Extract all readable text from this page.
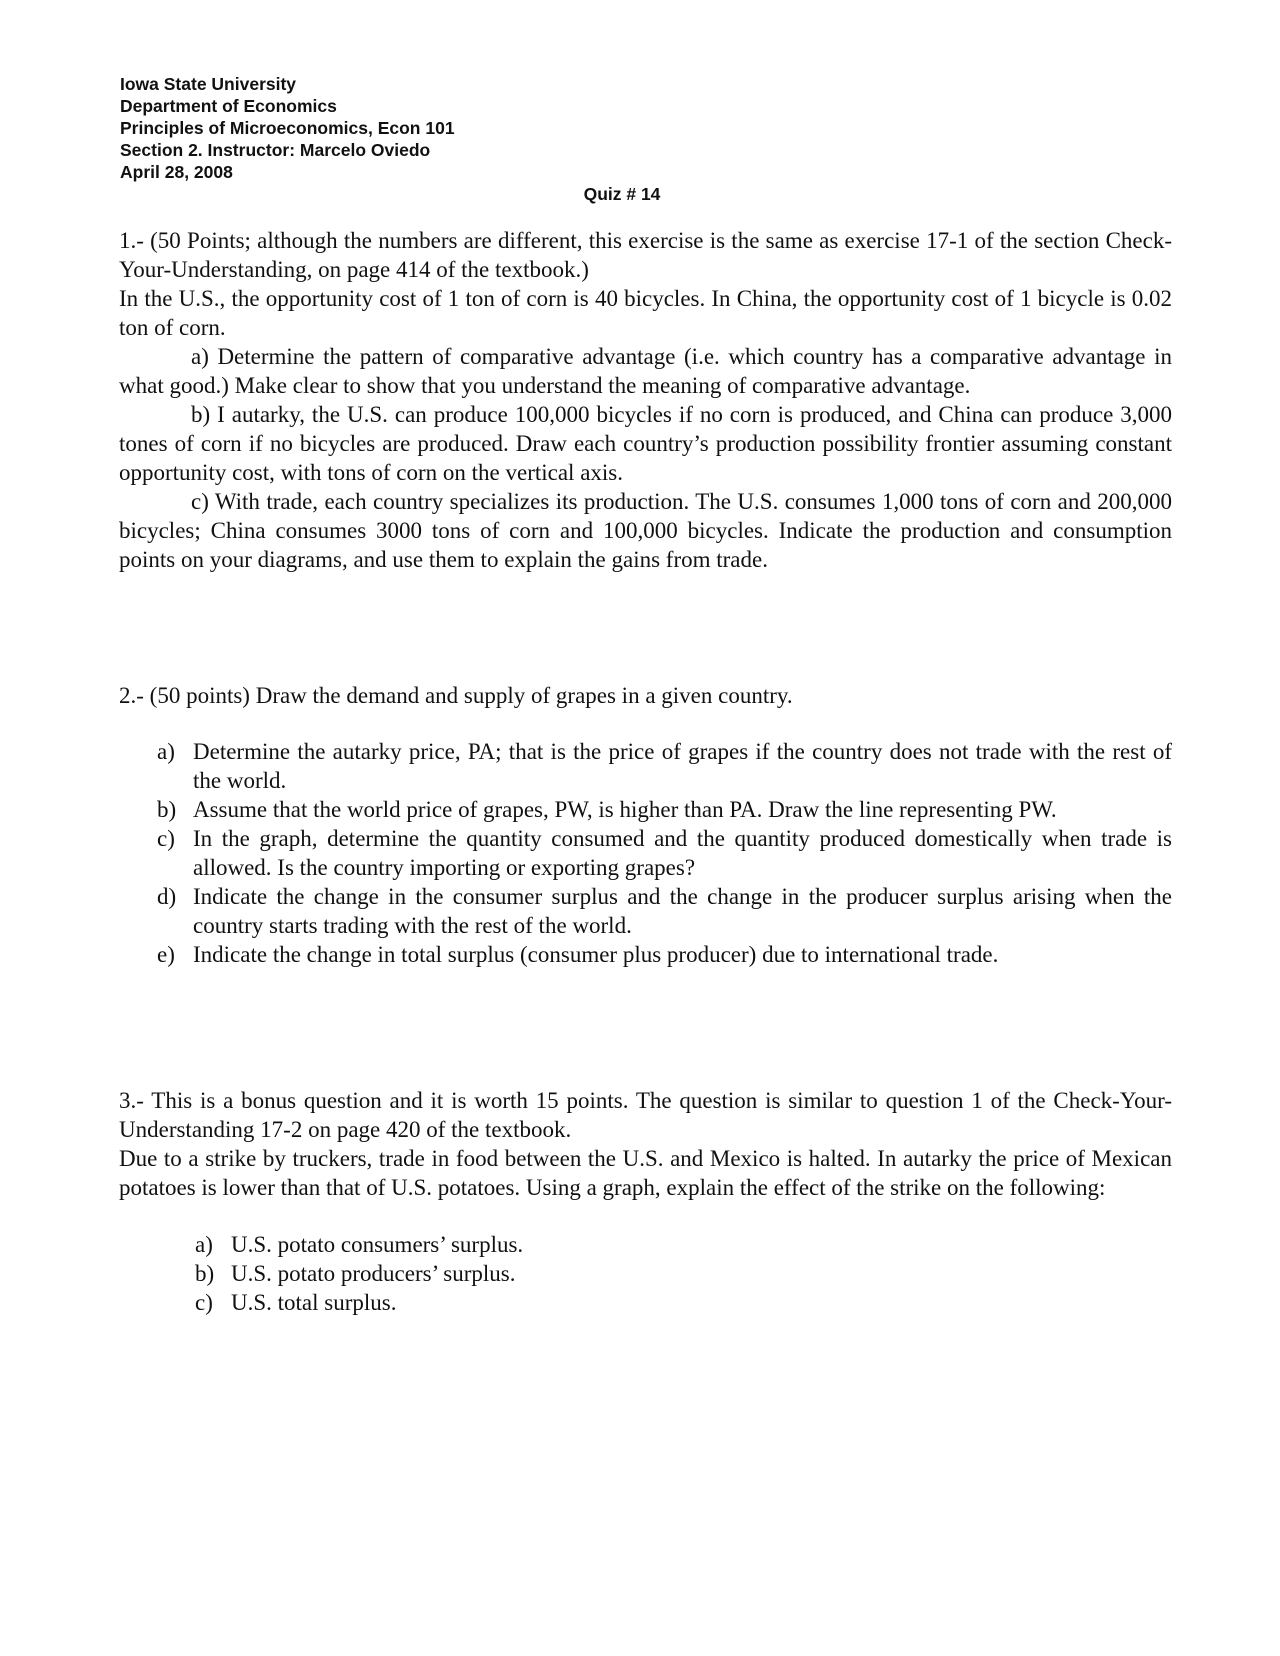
Iowa State University
Department of Economics
Principles of Microeconomics, Econ 101
Section 2. Instructor: Marcelo Oviedo
April 28, 2008
Quiz # 14

1.- (50 Points; although the numbers are different, this exercise is the same as exercise 17-1 of the section Check-Your-Understanding, on page 414 of the textbook.)

In the U.S., the opportunity cost of 1 ton of corn is 40 bicycles. In China, the opportunity cost of 1 bicycle is 0.02 ton of corn.

a) Determine the pattern of comparative advantage (i.e. which country has a comparative advantage in what good.) Make clear to show that you understand the meaning of comparative advantage.

b) I autarky, the U.S. can produce 100,000 bicycles if no corn is produced, and China can produce 3,000 tones of corn if no bicycles are produced. Draw each country’s production possibility frontier assuming constant opportunity cost, with tons of corn on the vertical axis.

c) With trade, each country specializes its production. The U.S. consumes 1,000 tons of corn and 200,000 bicycles; China consumes 3000 tons of corn and 100,000 bicycles. Indicate the production and consumption points on your diagrams, and use them to explain the gains from trade.

2.- (50 points) Draw the demand and supply of grapes in a given country.

a) Determine the autarky price, PA; that is the price of grapes if the country does not trade with the rest of the world.
b) Assume that the world price of grapes, PW, is higher than PA. Draw the line representing PW.
c) In the graph, determine the quantity consumed and the quantity produced domestically when trade is allowed. Is the country importing or exporting grapes?
d) Indicate the change in the consumer surplus and the change in the producer surplus arising when the country starts trading with the rest of the world.
e) Indicate the change in total surplus (consumer plus producer) due to international trade.

3.- This is a bonus question and it is worth 15 points. The question is similar to question 1 of the Check-Your-Understanding 17-2 on page 420 of the textbook.

Due to a strike by truckers, trade in food between the U.S. and Mexico is halted. In autarky the price of Mexican potatoes is lower than that of U.S. potatoes. Using a graph, explain the effect of the strike on the following:

a) U.S. potato consumers’ surplus.
b) U.S. potato producers’ surplus.
c) U.S. total surplus.
